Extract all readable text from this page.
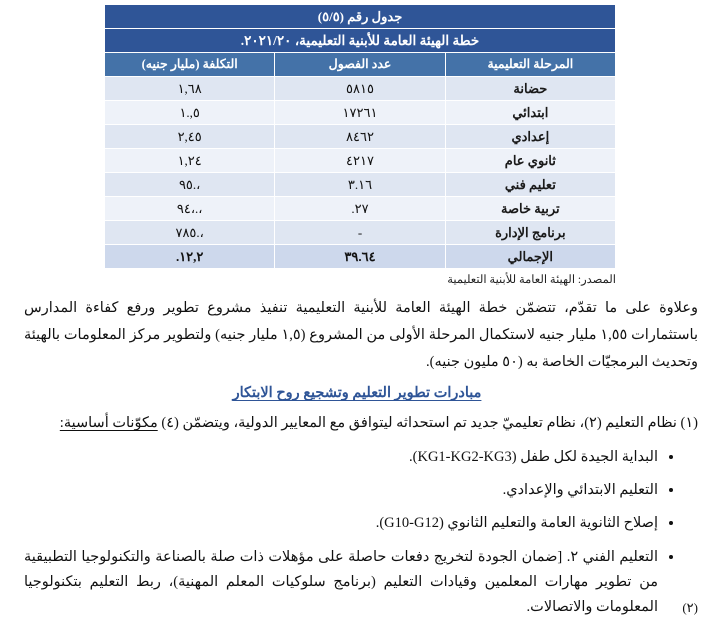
جدول رقم (٥/٥)		
خطة الهيئة العامة للأبنية التعليمية، ٢٠٢١/٢٠.		
المرحلة التعليمية	عدد الفصول	التكلفة (مليار جنيه)
حضانة	٥٨١٥	١,٦٨
ابتدائي	١٧٢٦١	٥,.١
إعدادي	٨٤٦٢	٢,٤٥
ثانوي عام	٤٢١٧	١,٢٤
تعليم فني	٣.١٦	،.٩٥
تربية خاصة	٢٧.	،.،٩٤
برنامج الإدارة	-	،.٧٨٥
الإجمالي	٣٩.٦٤	١٢,٢.
المصدر: الهيئة العامة للأبنية التعليمية
وعلاوة على ما تقدّم، تتضمّن خطة الهيئة العامة للأبنية التعليمية تنفيذ مشروع تطوير ورفع كفاءة المدارس باستثمارات ١,٥٥ مليار جنيه لاستكمال المرحلة الأولى من المشروع (١,٥ مليار جنيه) ولتطوير مركز المعلومات بالهيئة وتحديث البرمجيّات الخاصة به (٥٠ مليون جنيه).
مبادرات تطوير التعليم وتشجيع روح الابتكار
(١) نظام التعليم (٢)، نظام تعليميّ جديد تم استحداثه ليتوافق مع المعايير الدولية، ويتضمّن (٤) مكوّنات أساسية:
• البداية الجيدة لكل طفل (KG1-KG2-KG3).
• التعليم الابتدائي والإعدادي.
• إصلاح الثانوية العامة والتعليم الثانوي (G10-G12).
• التعليم الفني ٢. [ضمان الجودة لتخريج دفعات حاصلة على مؤهلات ذات صلة بالصناعة والتكنولوجيا التطبيقية من تطوير مهارات المعلمين وقيادات التعليم (برنامج سلوكيات المعلم المهنية)، ربط التعليم بتكنولوجيا المعلومات والاتصالات. (٢)
